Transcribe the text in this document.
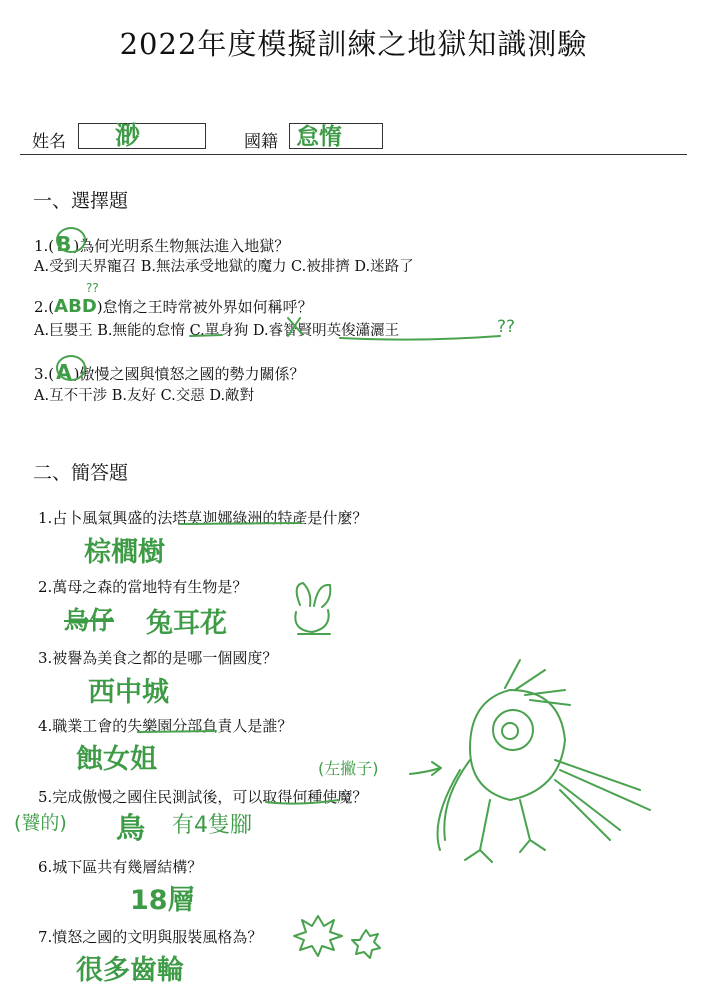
2022年度模擬訓練之地獄知識測驗
姓名 渺	國籍 怠惰
一、選擇題
1.( B )為何光明系生物無法進入地獄？
A.受到天界寵召 B.無法承受地獄的魔力 C.被排擠 D.迷路了
2.(ABD)怠惰之王時常被外界如何稱呼？
??
A.巨嬰王 B.無能的怠惰 C.單身狗 D.睿智賢明英俊瀟灑王	??
3.( A )傲慢之國與憤怒之國的勢力關係？
A.互不干涉 B.友好 C.交惡 D.敵對
二、簡答題
1.占卜風氣興盛的法塔莫迦娜綠洲的特產是什麼？
棕櫚樹
2.萬母之森的當地特有生物是？
烏仔 兔耳花
3.被譽為美食之都的是哪一個國度？
西中城
4.職業工會的失樂園分部負責人是誰？
蝕女姐	(左撇子)
5.完成傲慢之國住民測試後，可以取得何種使魔？
(饕的) 鳥 有4隻腳
6.城下區共有幾層結構？
18層
7.憤怒之國的文明與服裝風格為？
很多齒輪
